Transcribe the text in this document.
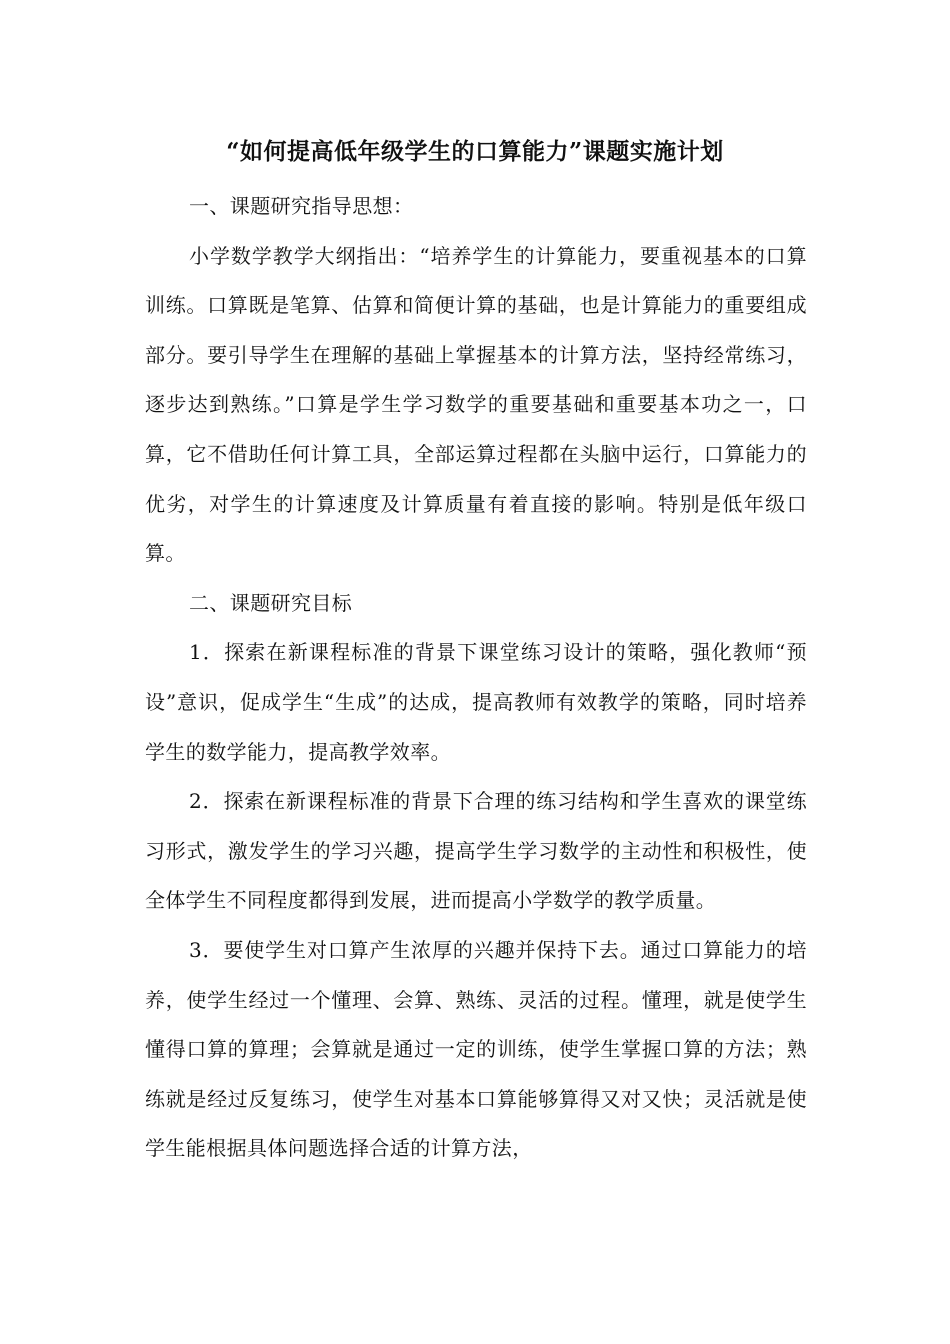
“如何提高低年级学生的口算能力”课题实施计划

一、课题研究指导思想：

小学数学教学大纲指出：“培养学生的计算能力，要重视基本的口算训练。口算既是笔算、估算和简便计算的基础，也是计算能力的重要组成部分。要引导学生在理解的基础上掌握基本的计算方法，坚持经常练习，逐步达到熟练。”口算是学生学习数学的重要基础和重要基本功之一，口算，它不借助任何计算工具，全部运算过程都在头脑中运行，口算能力的优劣，对学生的计算速度及计算质量有着直接的影响。特别是低年级口算。

二、课题研究目标

1．探索在新课程标准的背景下课堂练习设计的策略，强化教师“预设”意识，促成学生“生成”的达成，提高教师有效教学的策略，同时培养学生的数学能力，提高教学效率。

2．探索在新课程标准的背景下合理的练习结构和学生喜欢的课堂练习形式，激发学生的学习兴趣，提高学生学习数学的主动性和积极性，使全体学生不同程度都得到发展，进而提高小学数学的教学质量。

3．要使学生对口算产生浓厚的兴趣并保持下去。通过口算能力的培养，使学生经过一个懂理、会算、熟练、灵活的过程。懂理，就是使学生懂得口算的算理；会算就是通过一定的训练，使学生掌握口算的方法；熟练就是经过反复练习，使学生对基本口算能够算得又对又快；灵活就是使学生能根据具体问题选择合适的计算方法，
